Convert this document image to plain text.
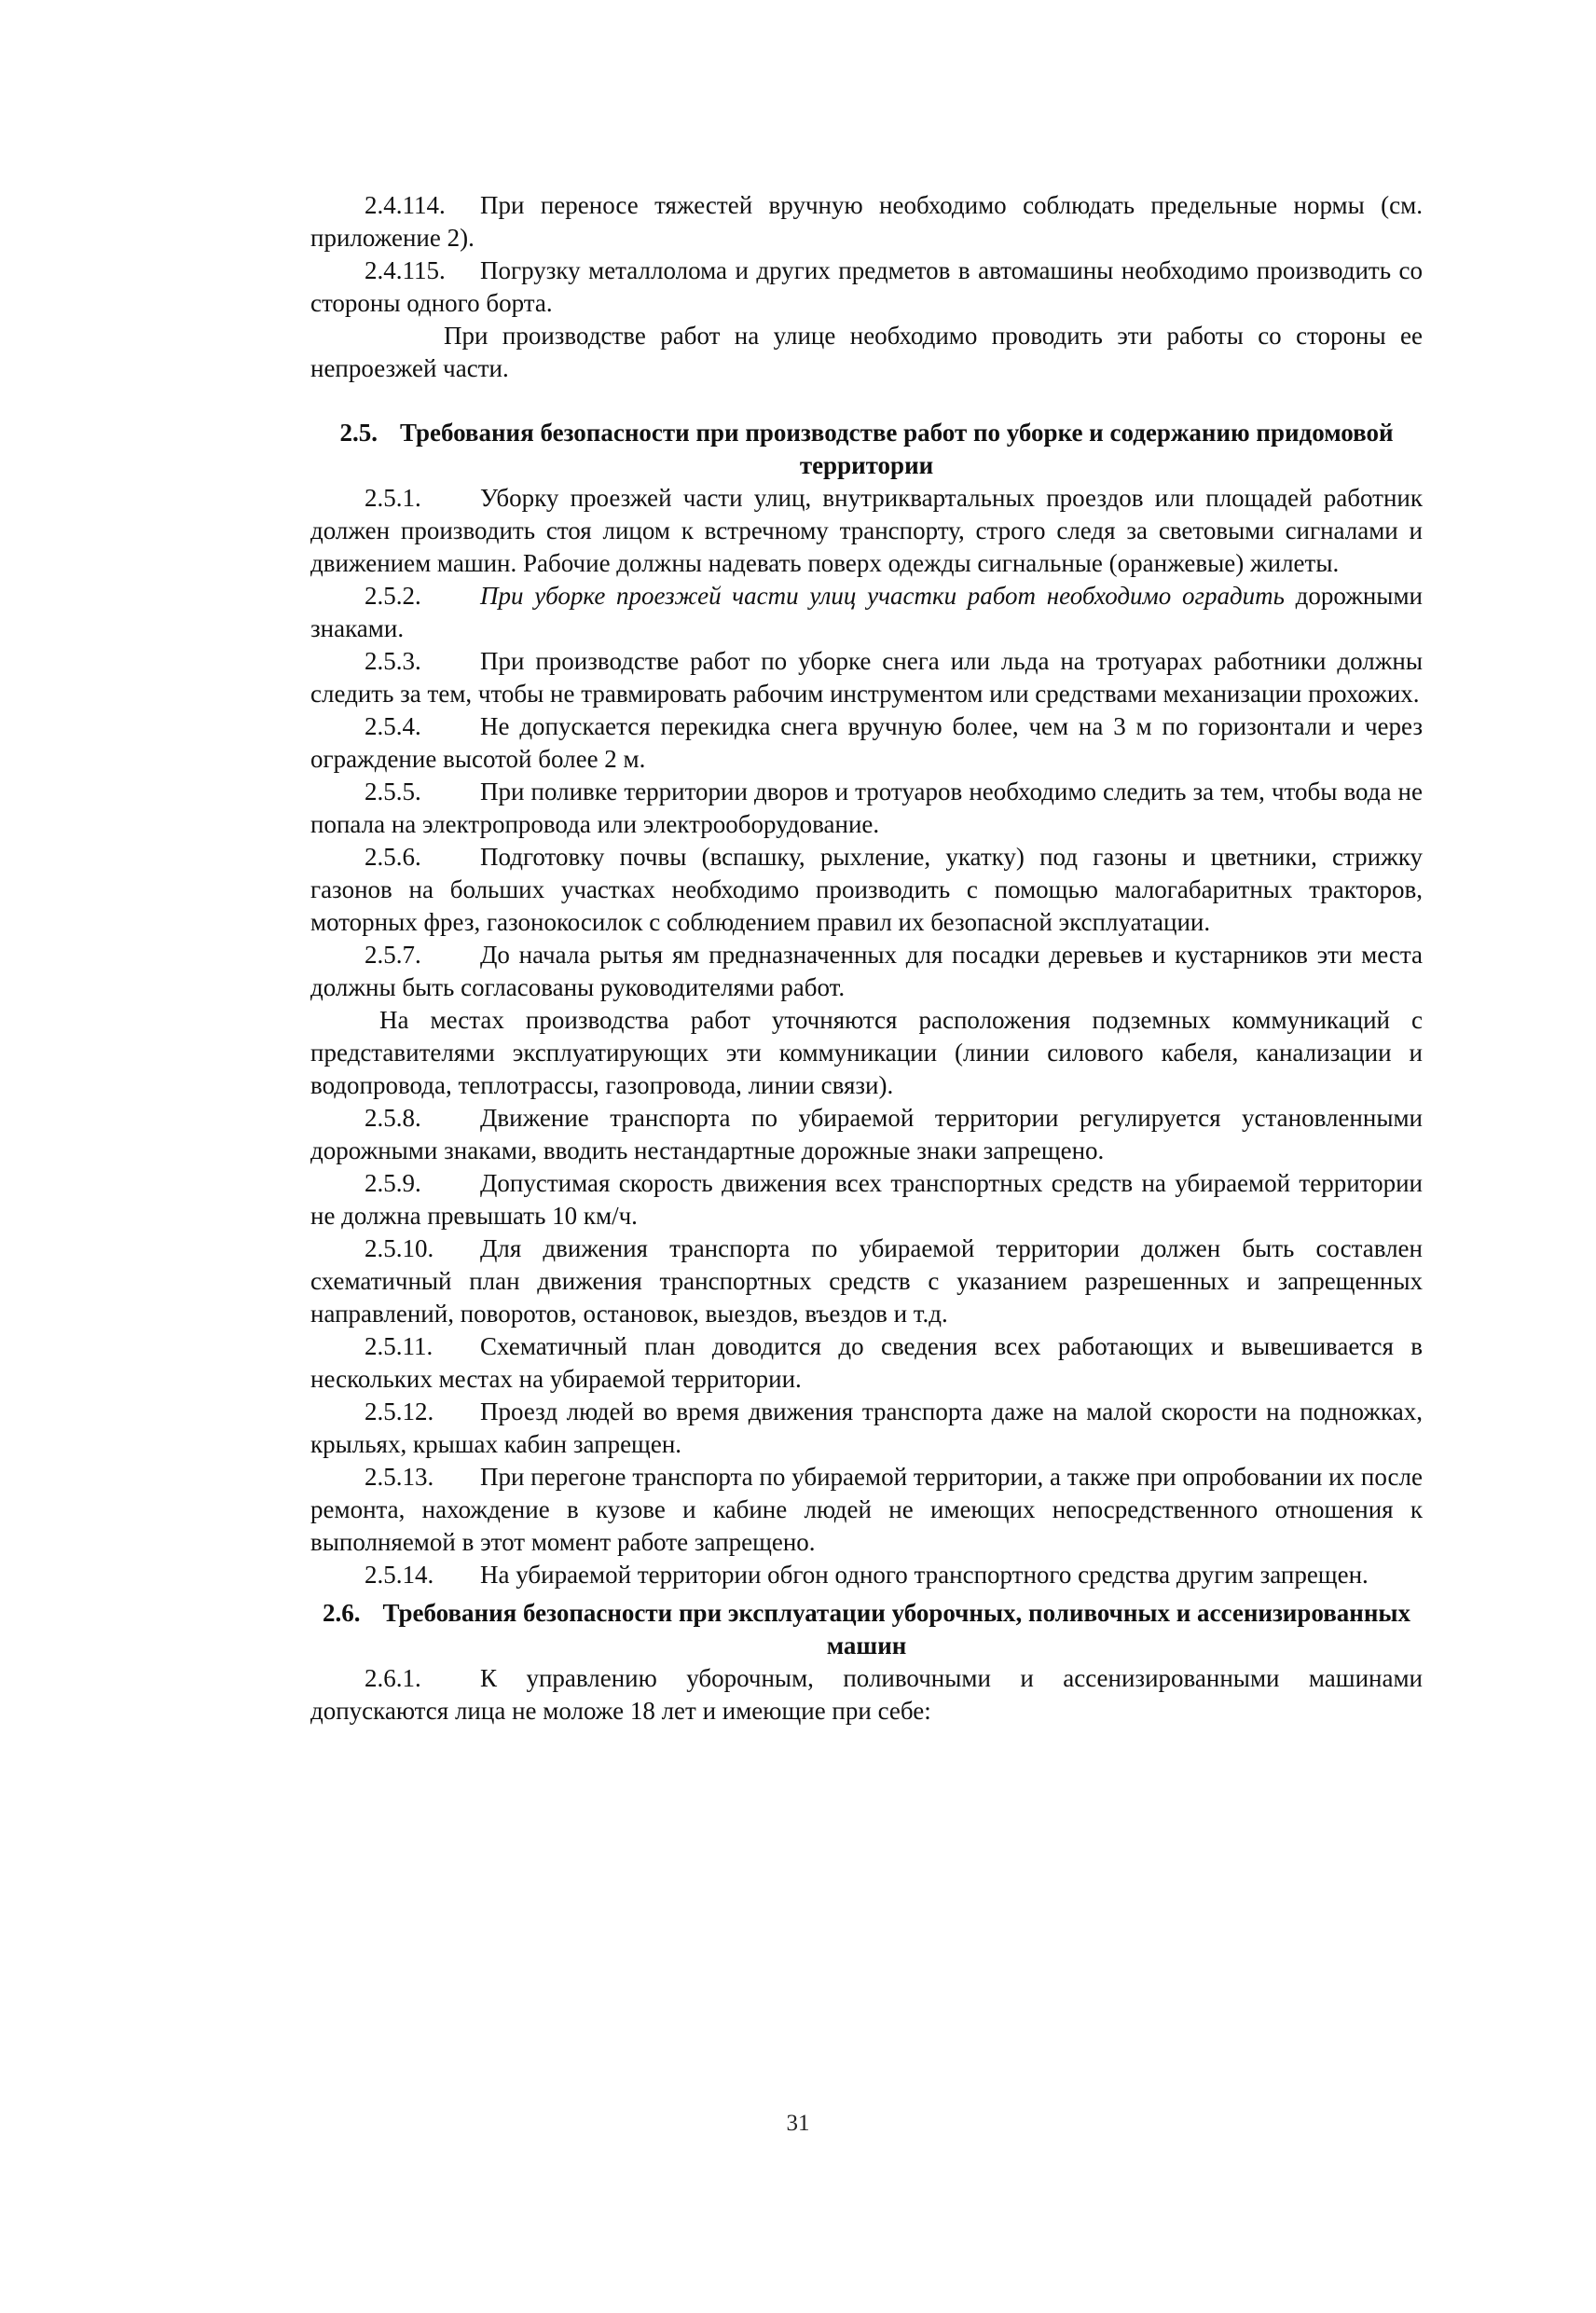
2.4.114. При переносе тяжестей вручную необходимо соблюдать предельные нормы (см. приложение 2).

2.4.115. Погрузку металлолома и других предметов в автомашины необходимо производить со стороны одного борта.

При производстве работ на улице необходимо проводить эти работы со стороны ее непроезжей части.

2.5. Требования безопасности при производстве работ по уборке и содержанию придомовой территории

2.5.1. Уборку проезжей части улиц, внутриквартальных проездов или площадей работник должен производить стоя лицом к встречному транспорту, строго следя за световыми сигналами и движением машин. Рабочие должны надевать поверх одежды сигнальные (оранжевые) жилеты.

2.5.2. При уборке проезжей части улиц участки работ необходимо оградить дорожными знаками.

2.5.3. При производстве работ по уборке снега или льда на тротуарах работники должны следить за тем, чтобы не травмировать рабочим инструментом или средствами механизации прохожих.

2.5.4. Не допускается перекидка снега вручную более, чем на 3 м по горизонтали и через ограждение высотой более 2 м.

2.5.5. При поливке территории дворов и тротуаров необходимо следить за тем, чтобы вода не попала на электропровода или электрооборудование.

2.5.6. Подготовку почвы (вспашку, рыхление, укатку) под газоны и цветники, стрижку газонов на больших участках необходимо производить с помощью малогабаритных тракторов, моторных фрез, газонокосилок с соблюдением правил их безопасной эксплуатации.

2.5.7. До начала рытья ям предназначенных для посадки деревьев и кустарников эти места должны быть согласованы руководителями работ.

На местах производства работ уточняются расположения подземных коммуникаций с представителями эксплуатирующих эти коммуникации (линии силового кабеля, канализации и водопровода, теплотрассы, газопровода, линии связи).

2.5.8. Движение транспорта по убираемой территории регулируется установленными дорожными знаками, вводить нестандартные дорожные знаки запрещено.

2.5.9. Допустимая скорость движения всех транспортных средств на убираемой территории не должна превышать 10 км/ч.

2.5.10. Для движения транспорта по убираемой территории должен быть составлен схематичный план движения транспортных средств с указанием разрешенных и запрещенных направлений, поворотов, остановок, выездов, въездов и т.д.

2.5.11. Схематичный план доводится до сведения всех работающих и вывешивается в нескольких местах на убираемой территории.

2.5.12. Проезд людей во время движения транспорта даже на малой скорости на подножках, крыльях, крышах кабин запрещен.

2.5.13. При перегоне транспорта по убираемой территории, а также при опробовании их после ремонта, нахождение в кузове и кабине людей не имеющих непосредственного отношения к выполняемой в этот момент работе запрещено.

2.5.14. На убираемой территории обгон одного транспортного средства другим запрещен.

2.6. Требования безопасности при эксплуатации уборочных, поливочных и ассенизированных машин

2.6.1. К управлению уборочным, поливочными и ассенизированными машинами допускаются лица не моложе 18 лет и имеющие при себе:

31
